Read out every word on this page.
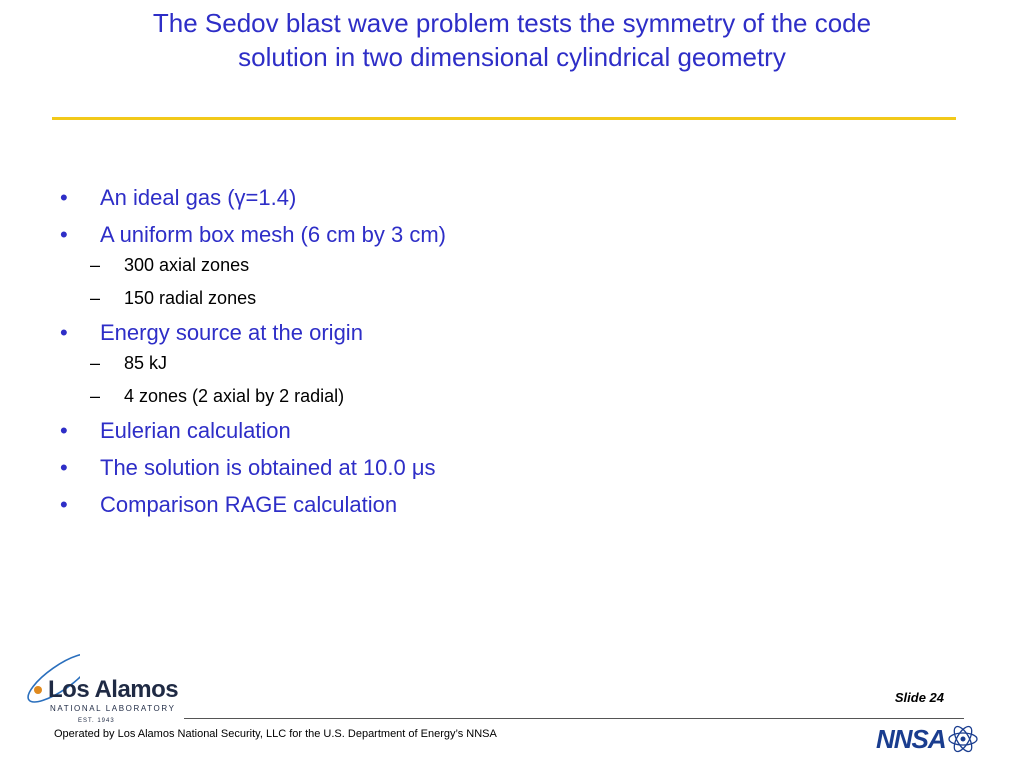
The Sedov blast wave problem tests the symmetry of the code
solution in two dimensional cylindrical geometry
•	An ideal gas (γ=1.4)
•	A uniform box mesh (6 cm by 3 cm)
– 300 axial zones
– 150 radial zones
•	Energy source at the origin
– 85 kJ
– 4 zones (2 axial by 2 radial)
•	Eulerian calculation
•	The solution is obtained at 10.0 μs
•	Comparison RAGE calculation
Los Alamos
NATIONAL LABORATORY
EST. 1943
Slide 24
Operated by Los Alamos National Security, LLC for the U.S. Department of Energy’s NNSA	NNSA
